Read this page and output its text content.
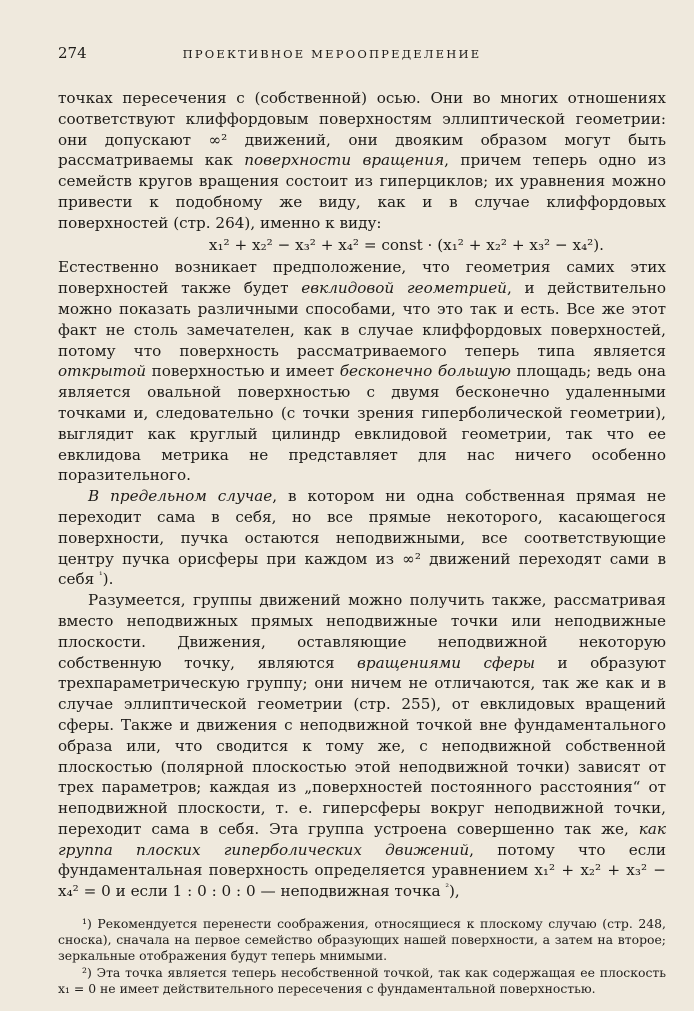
274	ПРОЕКТИВНОЕ МЕРООПРЕДЕЛЕНИЕ

точках пересечения с (собственной) осью. Они во многих отношениях соответствуют клиффордовым поверхностям эллиптической геометрии: они допускают ∞² движений, они двояким образом могут быть рассматриваемы как поверхности вращения, причем теперь одно из семейств кругов вращения состоит из гиперциклов; их уравнения можно привести к подобному же виду, как и в случае клиффордовых поверхностей (стр. 264), именно к виду:

x₁² + x₂² − x₃² + x₄² = const · (x₁² + x₂² + x₃² − x₄²).

Естественно возникает предположение, что геометрия самих этих поверхностей также будет евклидовой геометрией, и действительно можно показать различными способами, что это так и есть. Все же этот факт не столь замечателен, как в случае клиффордовых поверхностей, потому что поверхность рассматриваемого теперь типа является открытой поверхностью и имеет бесконечно большую площадь; ведь она является овальной поверхностью с двумя бесконечно удаленными точками и, следовательно (с точки зрения гиперболической геометрии), выглядит как круглый цилиндр евклидовой геометрии, так что ее евклидова метрика не представляет для нас ничего особенно поразительного.

В предельном случае, в котором ни одна собственная прямая не переходит сама в себя, но все прямые некоторого, касающегося поверхности, пучка остаются неподвижными, все соответствующие центру пучка орисферы при каждом из ∞² движений переходят сами в себя $^{^1}$).

Разумеется, группы движений можно получить также, рассматривая вместо неподвижных прямых неподвижные точки или неподвижные плоскости. Движения, оставляющие неподвижной некоторую собственную точку, являются вращениями сферы и образуют трехпараметрическую группу; они ничем не отличаются, так же как и в случае эллиптической геометрии (стр. 255), от евклидовых вращений сферы. Также и движения с неподвижной точкой вне фундаментального образа или, что сводится к тому же, с неподвижной собственной плоскостью (полярной плоскостью этой неподвижной точки) зависят от трех параметров; каждая из „поверхностей постоянного расстояния“ от неподвижной плоскости, т. е. гиперсферы вокруг неподвижной точки, переходит сама в себя. Эта группа устроена совершенно так же, как группа плоских гиперболических движений, потому что если фундаментальная поверхность определяется уравнением x₁² + x₂² + x₃² − x₄² = 0 и если 1 : 0 : 0 : 0 — неподвижная точка $^{^2}$),

¹) Рекомендуется перенести соображения, относящиеся к плоскому случаю (стр. 248, сноска), сначала на первое семейство образующих нашей поверхности, а затем на второе; зеркальные отображения будут теперь мнимыми.

²) Эта точка является теперь несобственной точкой, так как содержащая ее плоскость x₁ = 0 не имеет действительного пересечения с фундаментальной поверхностью.
